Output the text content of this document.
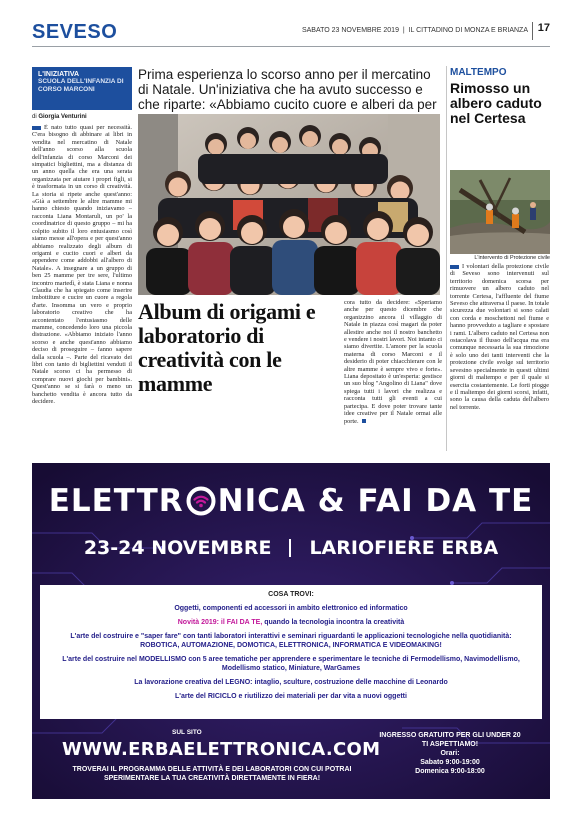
SEVESO	SABATO 23 NOVEMBRE 2019  |  IL CITTADINO DI MONZA E BRIANZA 17
L'INIZIATIVA
SCUOLA DELL'INFANZIA DI CORSO MARCONI
di Giorgia Venturini
È nato tutto quasi per necessità. C'era bisogno di abbinare ai libri in vendita nel mercatino di Natale dell'anno scorso alla scuola dell'infanzia di corso Marconi dei simpatici bigliettini, ma a distanza di un anno quella che era una serata organizzata per aiutare i propri figli, si è trasformata in un corso di creatività. La storia si ripete anche quest'anno: «Già a settembre le altre mamme mi hanno chiesto quando iniziavamo – racconta Liana Montaruli, un po' la coordinatrice di questo gruppo – mi ha colpito subito il loro entusiasmo così siamo messe all'opera e per quest'anno abbiamo realizzato degli album di origami e cucito cuori e alberi da appendere come addobbi all'albero di Natale». A insegnare a un gruppo di ben 25 mamme per tre sere, l'ultimo incontro martedì, è stata Liana e nonna Claudia che ha spiegato come inserire imbottiture e cucire un cuore a regola d'arte. Insomma un vero e proprio laboratorio creativo che ha accontentato l'entusiasmo delle mamme, concedendo loro una piccola distrazione. «Abbiamo iniziato l'anno scorso e anche quest'anno abbiamo deciso di proseguire – fanno sapere dalla scuola –. Parte del ricavato dei libri con tanto di bigliettini venduti il Natale scorso ci ha permesso di comprare nuovi giochi per bambini». Quest'anno se si farà o meno un banchetto vendita è ancora tutto da decidere.
Prima esperienza lo scorso anno per il mercatino di Natale. Un'iniziativa che ha avuto successo e che riparte: «Abbiamo cucito cuore e alberi da per
Album di origami e laboratorio di creatività con le mamme
cora tutto da decidere: «Speriamo anche per questo dicembre che organizzino ancora il villaggio di Natale in piazza così magari da poter allestire anche noi il nostro banchetto e vendere i nostri lavori. Noi intanto ci siamo divertite. L'amore per la scuola materna di corso Marconi e il desiderio di poter chiacchierare con le altre mamme è sempre vivo e forte». Liana depositato è un'esperta: gestisce un suo blog "Angolino di Liana" dove spiega tutti i lavori che realizza e racconta tutti gli eventi a cui partecipa. E dove poter trovare tante idee creative per il Natale ormai alle porte.
MALTEMPO
Rimosso un albero caduto nel Certesa
L'intervento di Protezione civile
I volontari della protezione civile di Seveso sono intervenuti sul territorio domenica scorsa per rimuovere un albero caduto nel torrente Certesa, l'affluente del fiume Seveso che attraversa il paese. In totale sicurezza due volontari si sono calati con corda e moschettoni nel fiume e hanno provveduto a tagliare e spostare i rami. L'albero caduto nel Certesa non ostacolava il flusso dell'acqua ma era comunque necessaria la sua rimozione è solo uno dei tanti interventi che la protezione civile svolge sul territorio sevesino specialmente in questi ultimi giorni di maltempo e per il quale si esercita costantemente. Le forti piogge e il maltempo dei giorni scorsi, infatti, sono la causa della caduta dell'albero nel torrente.
ELETTR NICA & FAI DA TE
23-24 NOVEMBRE LARIOFIERE ERBA
COSA TROVI:
Oggetti, componenti ed accessori in ambito elettronico ed informatico
Novità 2019: il FAI DA TE, quando la tecnologia incontra la creatività
L'arte del costruire e "saper fare" con tanti laboratori interattivi e seminari riguardanti le applicazioni tecnologiche nella quotidianità: ROBOTICA, AUTOMAZIONE, DOMOTICA, ELETTRONICA, INFORMATICA E VIDEOMAKING!
L'arte del costruire nel MODELLISMO con 5 aree tematiche per apprendere e sperimentare le tecniche di Fermodellismo, Navimodellismo, Modellismo statico, Miniature, WarGames
La lavorazione creativa del LEGNO: intaglio, sculture, costruzione delle macchine di Leonardo
L'arte del RICICLO e riutilizzo dei materiali per dar vita a nuovi oggetti
SUL SITO
WWW.ERBAELETTRONICA.COM
TROVERAI IL PROGRAMMA DELLE ATTIVITÀ E DEI LABORATORI CON CUI POTRAI SPERIMENTARE LA TUA CREATIVITÀ DIRETTAMENTE IN FIERA!
INGRESSO GRATUITO PER GLI UNDER 20
TI ASPETTIAMO!
Orari:
Sabato 9:00-19:00
Domenica 9:00-18:00
